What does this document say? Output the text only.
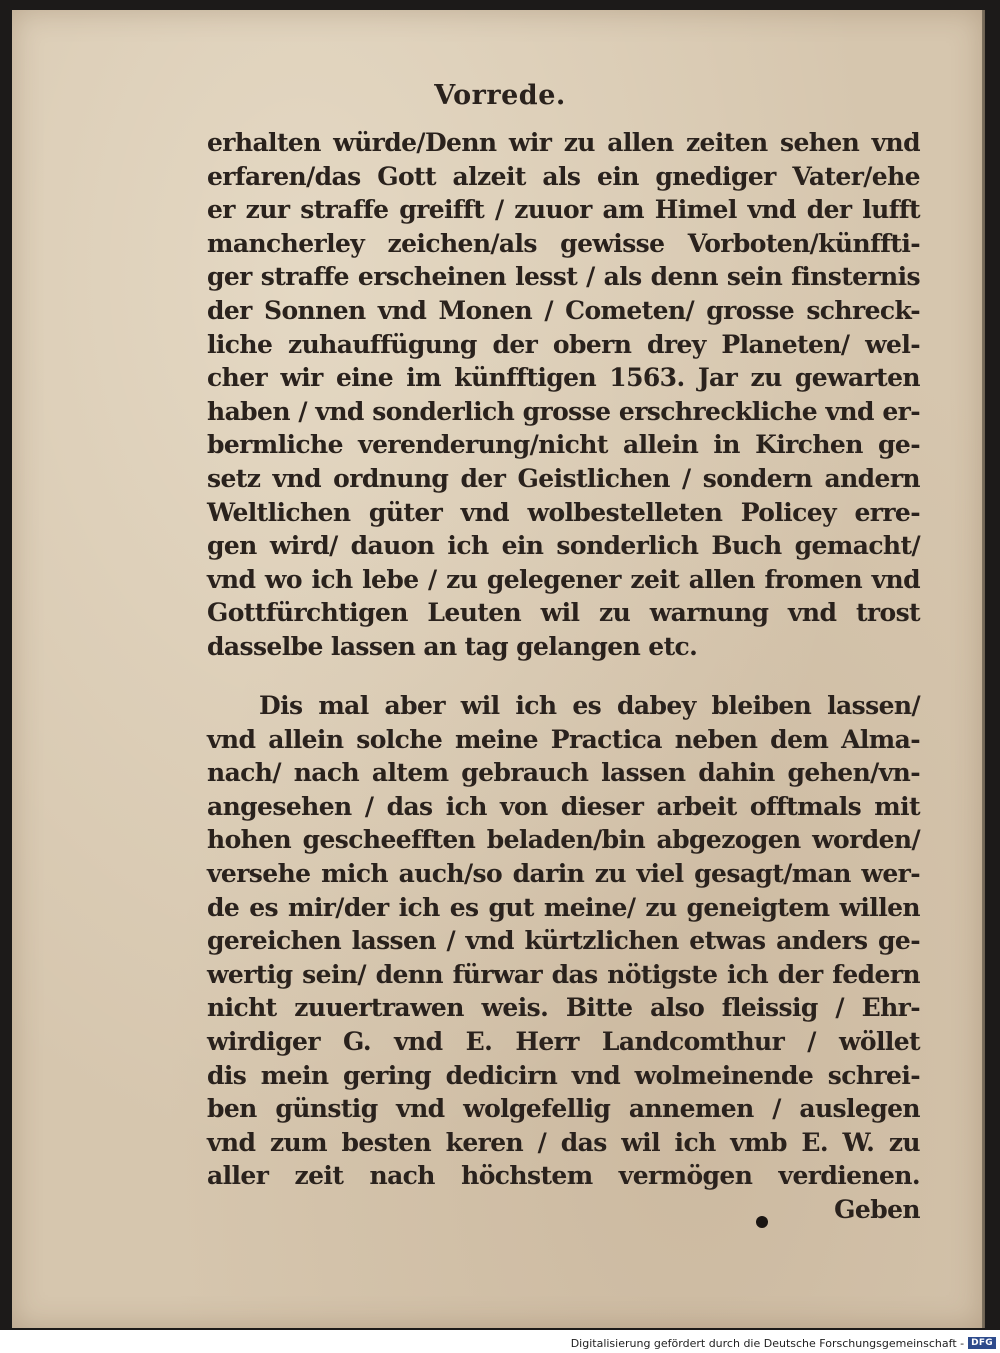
Vorrede.
erhalten würde/Denn wir zu allen zeiten sehen vnd
erfaren/das Gott alzeit als ein gnediger Vater/ehe
er zur straffe greifft / zuuor am Himel vnd der lufft
mancherley zeichen/als gewisse Vorboten/künffti-
ger straffe erscheinen lesst / als denn sein finsternis
der Sonnen vnd Monen / Cometen/ grosse schreck-
liche zuhauffügung der obern drey Planeten/ wel-
cher wir eine im künfftigen 1563. Jar zu gewarten
haben / vnd sonderlich grosse erschreckliche vnd er-
bermliche verenderung/nicht allein in Kirchen ge-
setz vnd ordnung der Geistlichen / sondern andern
Weltlichen güter vnd wolbestelleten Policey erre-
gen wird/ dauon ich ein sonderlich Buch gemacht/
vnd wo ich lebe / zu gelegener zeit allen fromen vnd
Gottfürchtigen Leuten wil zu warnung vnd trost
dasselbe lassen an tag gelangen etc.
Dis mal aber wil ich es dabey bleiben lassen/
vnd allein solche meine Practica neben dem Alma-
nach/ nach altem gebrauch lassen dahin gehen/vn-
angesehen / das ich von dieser arbeit offtmals mit
hohen gescheefften beladen/bin abgezogen worden/
versehe mich auch/so darin zu viel gesagt/man wer-
de es mir/der ich es gut meine/ zu geneigtem willen
gereichen lassen / vnd kürtzlichen etwas anders ge-
wertig sein/ denn fürwar das nötigste ich der federn
nicht zuuertrawen weis. Bitte also fleissig / Ehr-
wirdiger G. vnd E. Herr Landcomthur / wöllet
dis mein gering dedicirn vnd wolmeinende schrei-
ben günstig vnd wolgefellig annemen / auslegen
vnd zum besten keren / das wil ich vmb E. W. zu
aller zeit nach höchstem vermögen verdienen.
Geben
Digitalisierung gefördert durch die Deutsche Forschungsgemeinschaft - DFG
